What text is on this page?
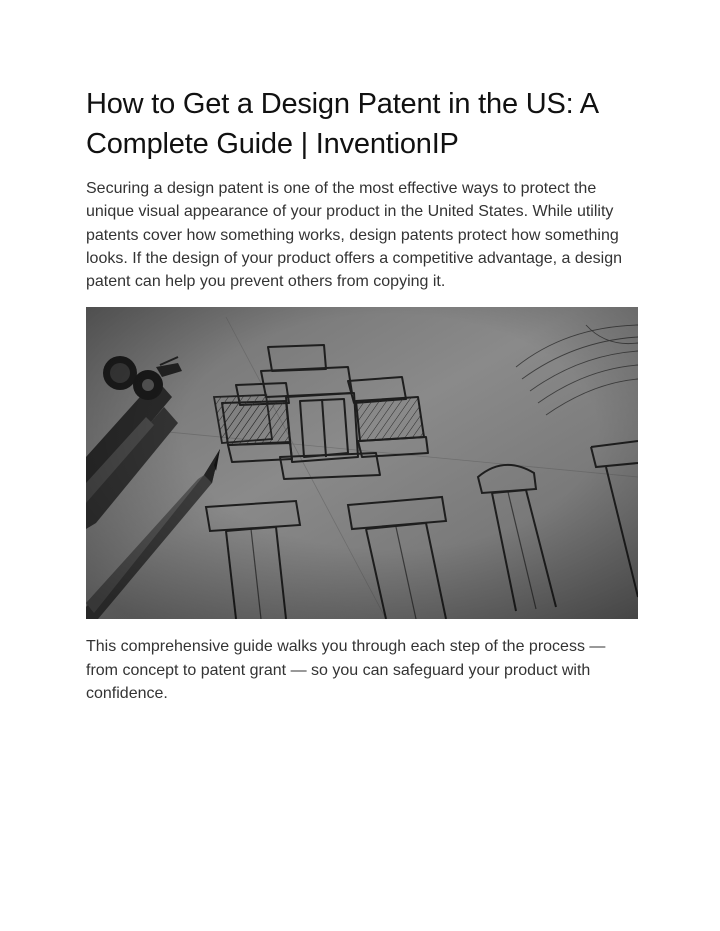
How to Get a Design Patent in the US: A Complete Guide | InventionIP

Securing a design patent is one of the most effective ways to protect the unique visual appearance of your product in the United States. While utility patents cover how something works, design patents protect how something looks. If the design of your product offers a competitive advantage, a design patent can help you prevent others from copying it.

This comprehensive guide walks you through each step of the process — from concept to patent grant — so you can safeguard your product with confidence.
